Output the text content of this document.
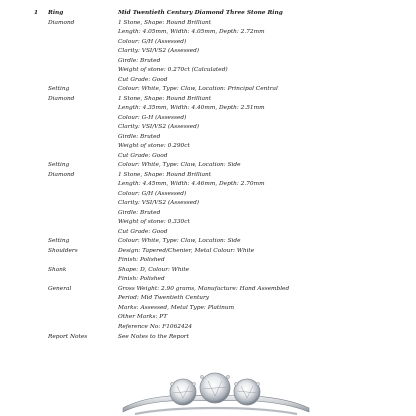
1 Ring	Mid Twentieth Century Diamond Three Stone Ring
Diamond	1 Stone, Shape: Round Brilliant
Length: 4.05mm, Width: 4.05mm, Depth: 2.72mm
Colour: G/H (Assessed)
Clarity: VSI/VS2 (Assessed)
Girdle: Bruted
Weight of stone: 0.270ct (Calculated)
Cut Grade: Good
Setting	Colour: White, Type: Claw, Location: Principal Central
Diamond	1 Stone, Shape: Round Brilliant
Length: 4.35mm, Width: 4.40mm, Depth: 2.51mm
Colour: G-H (Assessed)
Clarity: VSI/VS2 (Assessed)
Girdle: Bruted
Weight of stone: 0.290ct
Cut Grade: Good
Setting	Colour: White, Type: Claw, Location: Side
Diamond	1 Stone, Shape: Round Brilliant
Length: 4.45mm, Width: 4.46mm, Depth: 2.70mm
Colour: G/H (Assessed)
Clarity: VSI/VS2 (Assessed)
Girdle: Bruted
Weight of stone: 0.330ct
Cut Grade: Good
Setting	Colour: White, Type: Claw, Location: Side
Shoulders	Design: Tapered/Chenier, Metal Colour: White
Finish: Polished
Shank	Shape: D, Colour: White
Finish: Polished
General	Gross Weight: 2.90 grams, Manufacture: Hand Assembled
Period: Mid Twentieth Century
Marks: Assessed, Metal Type: Platinum
Other Marks: PT
Reference No: F1062424
Report Notes	See Notes to the Report
